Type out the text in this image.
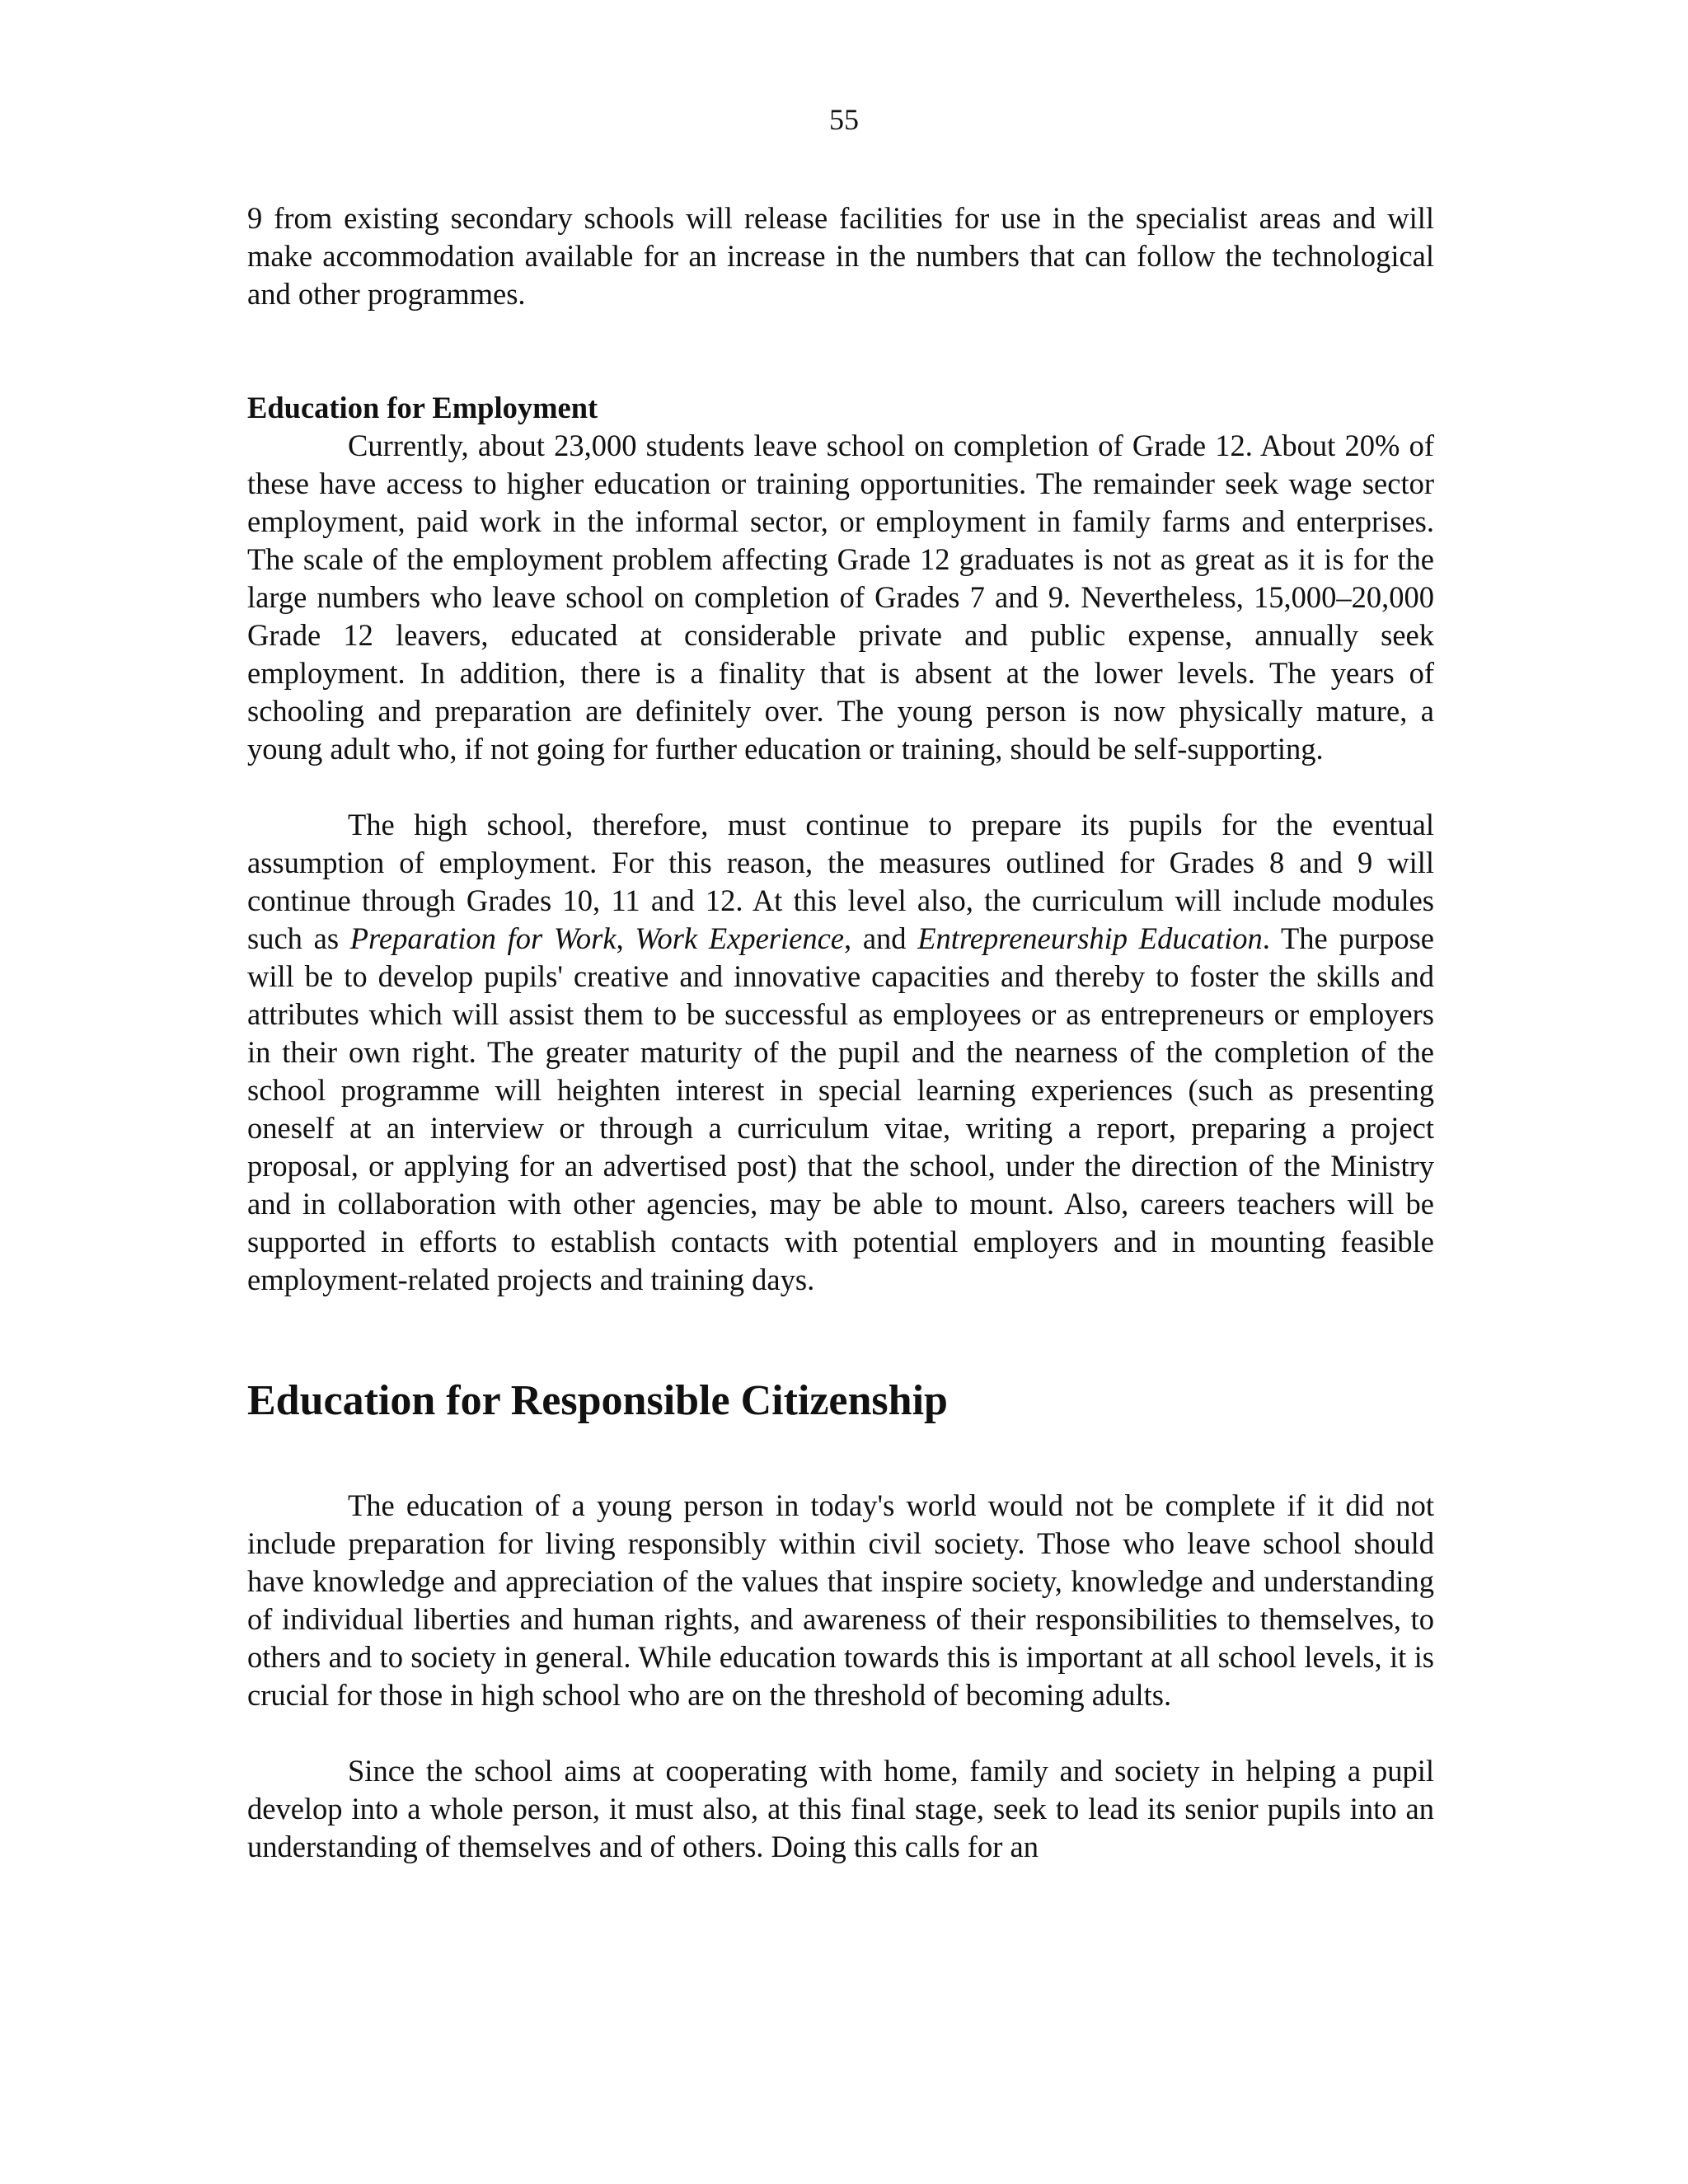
55

9 from existing secondary schools will release facilities for use in the specialist areas and will make accommodation available for an increase in the numbers that can follow the technological and other programmes.

Education for Employment

Currently, about 23,000 students leave school on completion of Grade 12. About 20% of these have access to higher education or training opportunities. The remainder seek wage sector employment, paid work in the informal sector, or employment in family farms and enterprises. The scale of the employment problem affecting Grade 12 graduates is not as great as it is for the large numbers who leave school on completion of Grades 7 and 9. Nevertheless, 15,000–20,000 Grade 12 leavers, educated at considerable private and public expense, annually seek employment. In addition, there is a finality that is absent at the lower levels. The years of schooling and preparation are definitely over. The young person is now physically mature, a young adult who, if not going for further education or training, should be self-supporting.

The high school, therefore, must continue to prepare its pupils for the eventual assumption of employment. For this reason, the measures outlined for Grades 8 and 9 will continue through Grades 10, 11 and 12. At this level also, the curriculum will include modules such as Preparation for Work, Work Experience, and Entrepreneurship Education. The purpose will be to develop pupils' creative and innovative capacities and thereby to foster the skills and attributes which will assist them to be successful as employees or as entrepreneurs or employers in their own right. The greater maturity of the pupil and the nearness of the completion of the school programme will heighten interest in special learning experiences (such as presenting oneself at an interview or through a curriculum vitae, writing a report, preparing a project proposal, or applying for an advertised post) that the school, under the direction of the Ministry and in collaboration with other agencies, may be able to mount. Also, careers teachers will be supported in efforts to establish contacts with potential employers and in mounting feasible employment-related projects and training days.

Education for Responsible Citizenship

The education of a young person in today's world would not be complete if it did not include preparation for living responsibly within civil society. Those who leave school should have knowledge and appreciation of the values that inspire society, knowledge and understanding of individual liberties and human rights, and awareness of their responsibilities to themselves, to others and to society in general. While education towards this is important at all school levels, it is crucial for those in high school who are on the threshold of becoming adults.

Since the school aims at cooperating with home, family and society in helping a pupil develop into a whole person, it must also, at this final stage, seek to lead its senior pupils into an understanding of themselves and of others. Doing this calls for an
